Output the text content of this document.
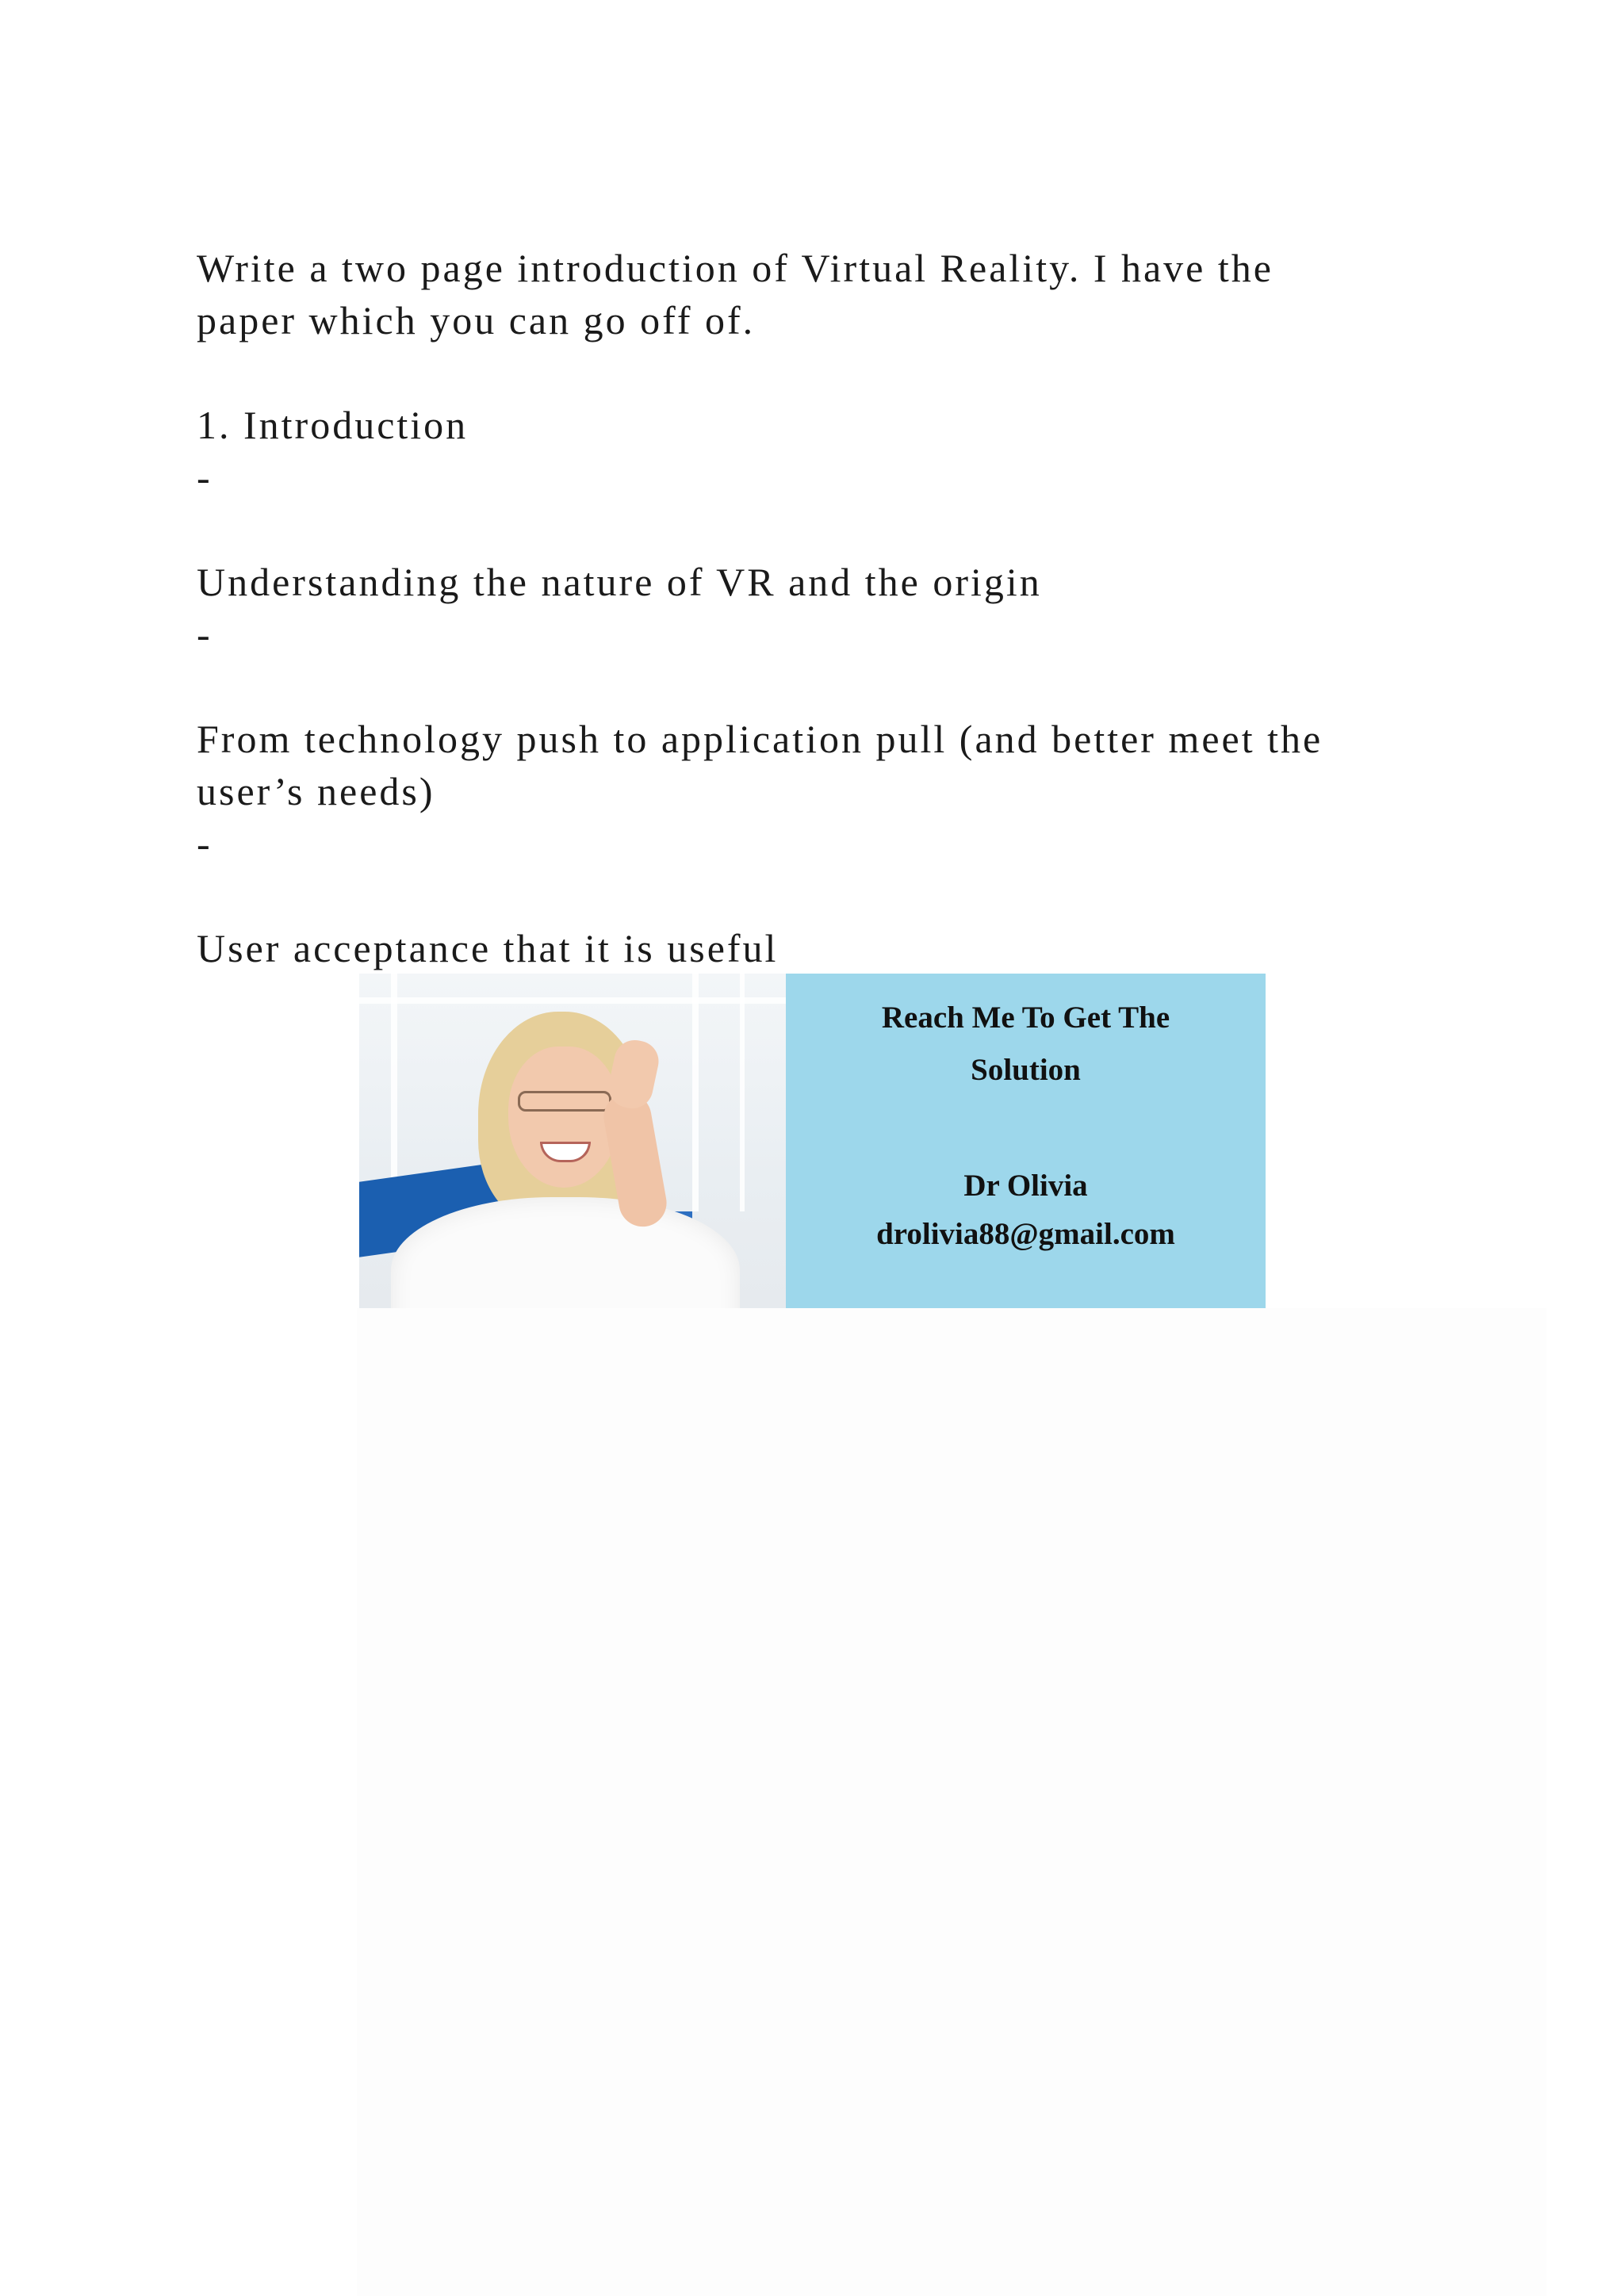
Write a two page introduction of Virtual Reality. I have the

paper which you can go off of.

1. Introduction

-

Understanding the nature of VR and the origin

-

From technology push to application pull (and better meet the

user’s needs)

-

User acceptance that it is useful

Reach Me To Get The

Solution

Dr Olivia

drolivia88@gmail.com
